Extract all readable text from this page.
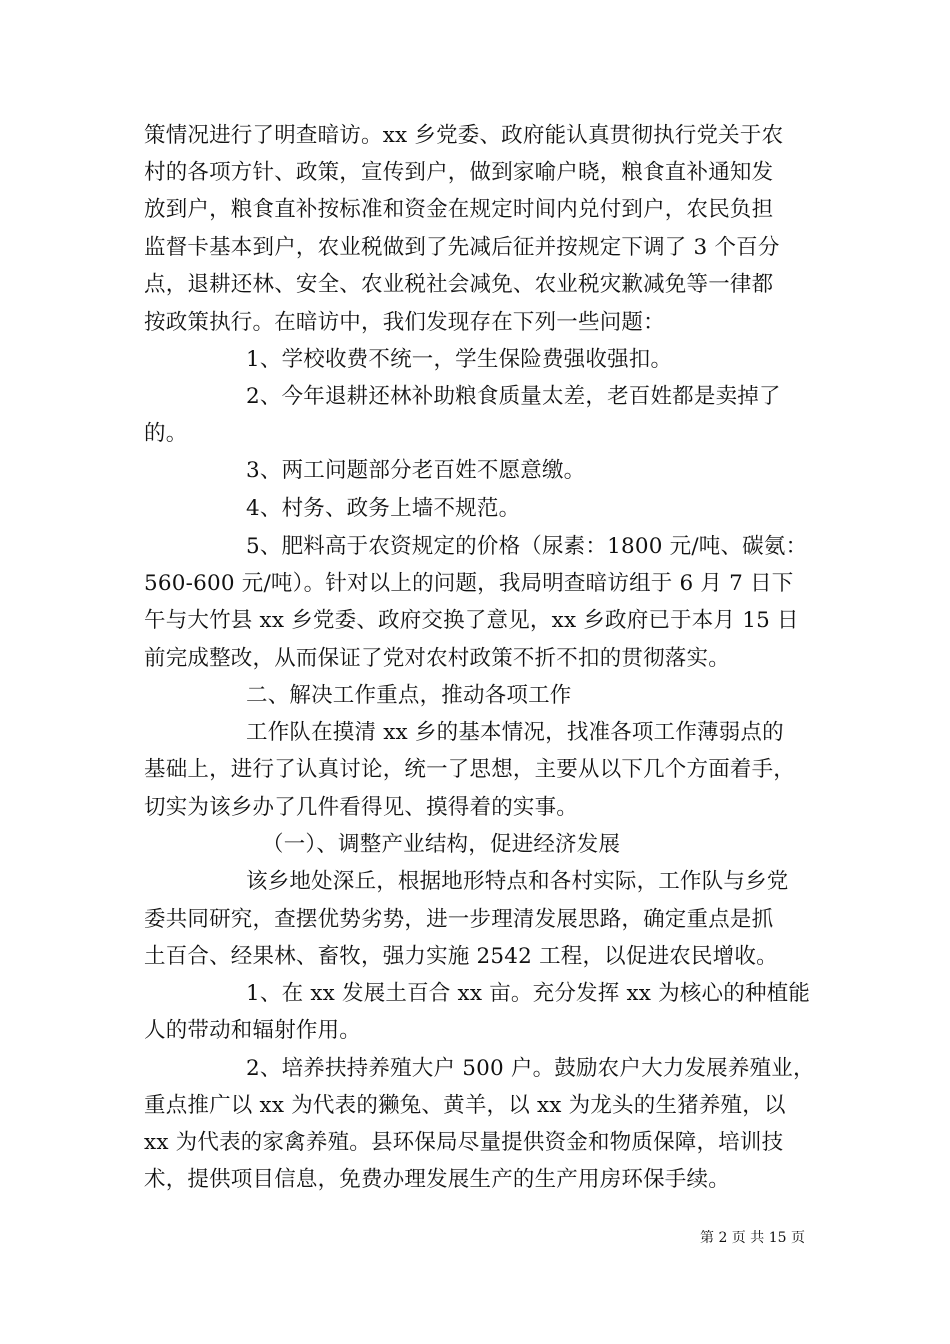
策情况进行了明查暗访。xx 乡党委、政府能认真贯彻执行党关于农
村的各项方针、政策，宣传到户，做到家喻户晓，粮食直补通知发
放到户，粮食直补按标准和资金在规定时间内兑付到户，农民负担
监督卡基本到户，农业税做到了先减后征并按规定下调了 3 个百分
点，退耕还林、安全、农业税社会减免、农业税灾歉减免等一律都
按政策执行。在暗访中，我们发现存在下列一些问题：
1、学校收费不统一，学生保险费强收强扣。
2、今年退耕还林补助粮食质量太差，老百姓都是卖掉了
的。
3、两工问题部分老百姓不愿意缴。
4、村务、政务上墙不规范。
5、肥料高于农资规定的价格（尿素：1800 元/吨、碳氨：
560-600 元/吨）。针对以上的问题，我局明查暗访组于 6 月 7 日下
午与大竹县 xx 乡党委、政府交换了意见，xx 乡政府已于本月 15 日
前完成整改，从而保证了党对农村政策不折不扣的贯彻落实。
二、解决工作重点，推动各项工作
工作队在摸清 xx 乡的基本情况，找准各项工作薄弱点的
基础上，进行了认真讨论，统一了思想，主要从以下几个方面着手，
切实为该乡办了几件看得见、摸得着的实事。
（一）、调整产业结构，促进经济发展
该乡地处深丘，根据地形特点和各村实际，工作队与乡党
委共同研究，查摆优势劣势，进一步理清发展思路，确定重点是抓
土百合、经果林、畜牧，强力实施 2542 工程，以促进农民增收。
1、在 xx 发展土百合 xx 亩。充分发挥 xx 为核心的种植能
人的带动和辐射作用。
2、培养扶持养殖大户 500 户。鼓励农户大力发展养殖业，
重点推广以 xx 为代表的獭兔、黄羊，以 xx 为龙头的生猪养殖，以
xx 为代表的家禽养殖。县环保局尽量提供资金和物质保障，培训技
术，提供项目信息，免费办理发展生产的生产用房环保手续。
第 2 页 共 15 页
